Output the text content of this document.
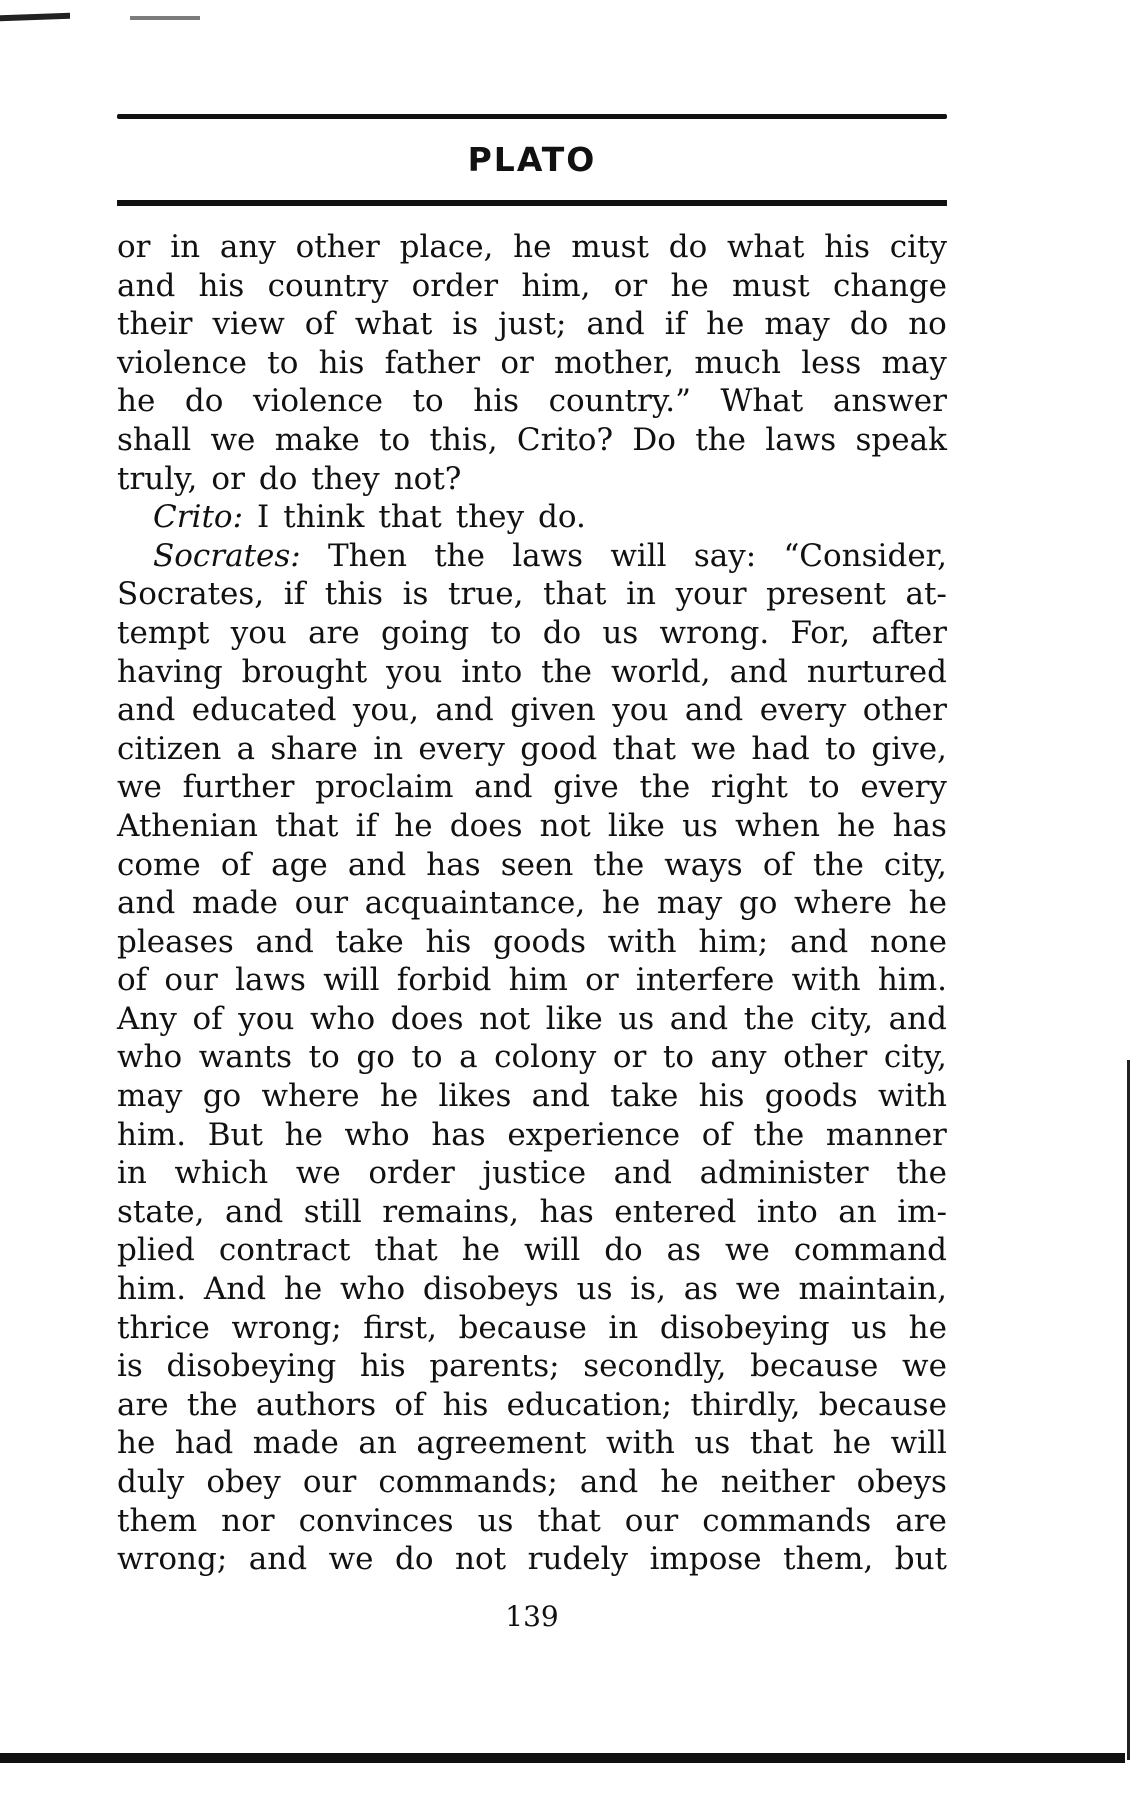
PLATO
or in any other place, he must do what his city
and his country order him, or he must change
their view of what is just; and if he may do no
violence to his father or mother, much less may
he do violence to his country.” What answer
shall we make to this, Crito? Do the laws speak
truly, or do they not?
Crito: I think that they do.
Socrates: Then the laws will say: “Consider,
Socrates, if this is true, that in your present at-
tempt you are going to do us wrong. For, after
having brought you into the world, and nurtured
and educated you, and given you and every other
citizen a share in every good that we had to give,
we further proclaim and give the right to every
Athenian that if he does not like us when he has
come of age and has seen the ways of the city,
and made our acquaintance, he may go where he
pleases and take his goods with him; and none
of our laws will forbid him or interfere with him.
Any of you who does not like us and the city, and
who wants to go to a colony or to any other city,
may go where he likes and take his goods with
him. But he who has experience of the manner
in which we order justice and administer the
state, and still remains, has entered into an im-
plied contract that he will do as we command
him. And he who disobeys us is, as we maintain,
thrice wrong; first, because in disobeying us he
is disobeying his parents; secondly, because we
are the authors of his education; thirdly, because
he had made an agreement with us that he will
duly obey our commands; and he neither obeys
them nor convinces us that our commands are
wrong; and we do not rudely impose them, but
139
